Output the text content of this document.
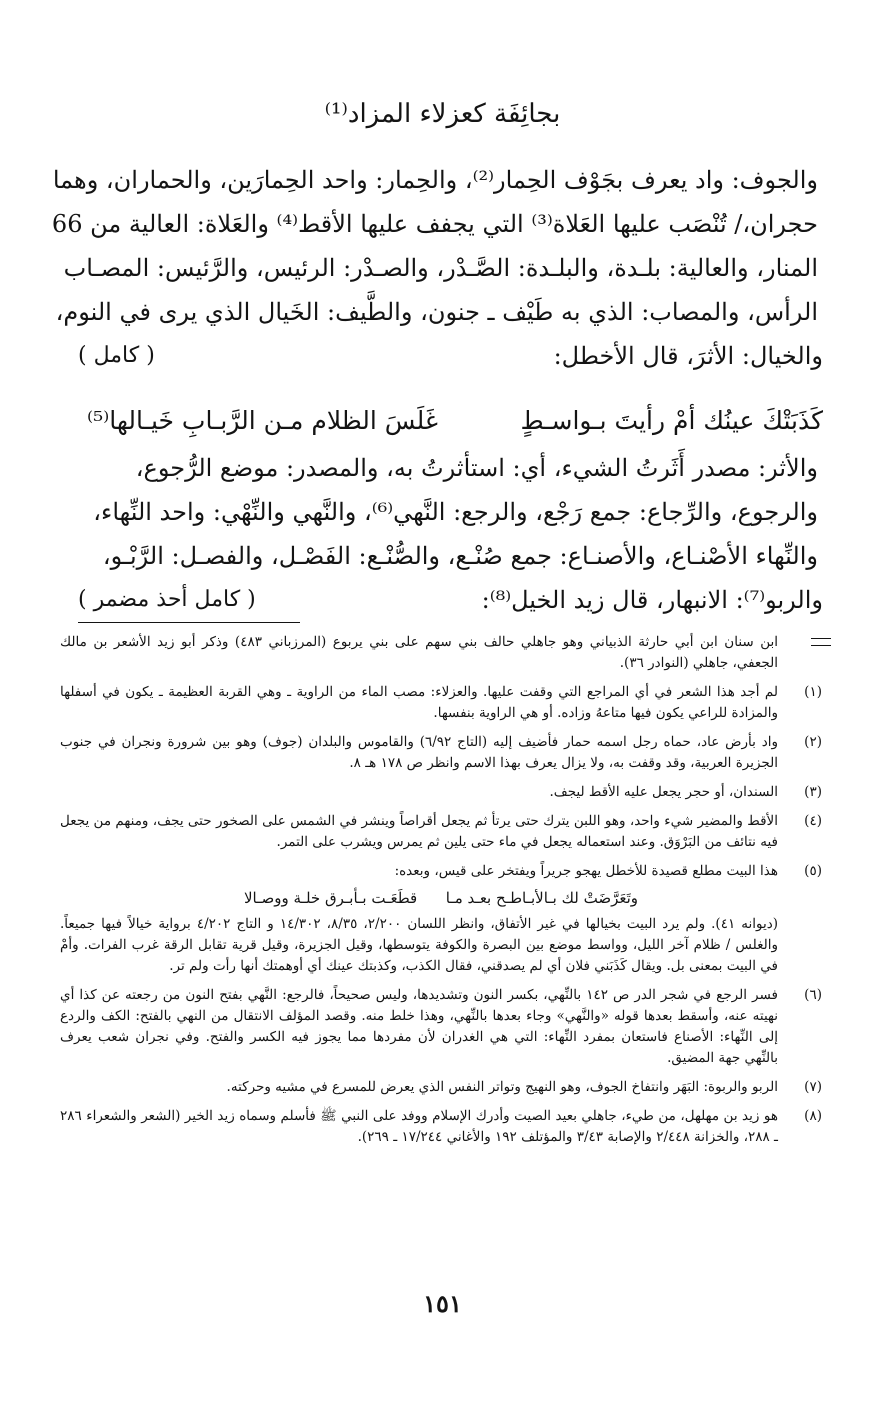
بجائِفَة كعزلاء المزاد⁽¹⁾
والجوف: واد يعرف بجَوْف الحِمار⁽²⁾، والحِمار: واحد الحِمارَين، والحماران، وهما
حجران،/ تُنْصَب عليها العَلاة⁽³⁾ التي يجفف عليها الأقط⁽⁴⁾ والعَلاة: العالية من 66
المنار، والعالية: بلـدة، والبلـدة: الصَّـدْر، والصـدْر: الرئيس، والرَّئيس: المصـاب
الرأس، والمصاب: الذي به طَيْف ـ جنون، والطَّيف: الخَيال الذي يرى في النوم،
والخيال: الأثرَ، قال الأخطل:
( كامل )
كَذَبَتْكَ عينُك أمْ رأيتَ بـواسـطٍ
غَلَسَ الظلام مـن الرَّبـابِ خَيـالها⁽⁵⁾
والأثر: مصدر أَثَرتُ الشيء، أي: استأثرتُ به، والمصدر: موضع الرُّجوع،
والرجوع، والرِّجاع: جمع رَجْع، والرجع: النَّهي⁽⁶⁾، والنَّهي والنِّهْي: واحد النِّهاء،
والنِّهاء الأصْنـاع، والأصنـاع: جمع صُنْـع، والصُّنْـع: الفَصْـل، والفصـل: الرَّبْـو،
والربو⁽⁷⁾: الانبهار، قال زيد الخيل⁽⁸⁾:
( كامل أحذ مضمر )
ابن سنان ابن أبي حارثة الذبياني وهو جاهلي حالف بني سهم على بني يربوع (المرزباني ٤٨٣) وذكر أبو زيد الأشعر بن مالك الجعفي، جاهلي (النوادر ٣٦).
(١)
لم أجد هذا الشعر في أي المراجع التي وقفت عليها. والعزلاء: مصب الماء من الراوية ـ وهي القربة العظيمة ـ يكون في أسفلها والمزادة للراعي يكون فيها متاعهُ وزاده. أو هي الراوية بنفسها.
(٢)
واد بأرض عاد، حماه رجل اسمه حمار فأضيف إليه (التاج ٦/٩٢) والقاموس والبلدان (جوف) وهو بين شرورة ونجران في جنوب الجزيرة العربية، وقد وقفت به، ولا يزال يعرف بهذا الاسم وانظر ص ١٧٨ هـ ٨.
(٣)
السندان، أو حجر يجعل عليه الأقط ليجف.
(٤)
الأقط والمضير شيء واحد، وهو اللبن يترك حتى يرتأ ثم يجعل أقراصاً وينشر في الشمس على الصخور حتى يجف، ومنهم من يجعل فيه نتائف من البَرْوَق. وعند استعماله يجعل في ماء حتى يلين ثم يمرس ويشرب على التمر.
(٥)
هذا البيت مطلع قصيدة للأخطل يهجو جريراً ويفتخر على قيس، وبعده:
وتَعَرَّضَتْ لك بـالأبـاطـح بعـد مـا      قطَعَـت بـأبـرق خلـة ووصـالا
(ديوانه ٤١). ولم يرد البيت بخيالها في غير الأتفاق، وانظر اللسان ٢/٢٠٠، ٨/٣٥، ١٤/٣٠٢ و التاج ٤/٢٠٢ برواية خيالاً فيها جميعاً. والغلس / ظلام آخر الليل، وواسط موضع بين البصرة والكوفة يتوسطها، وقيل الجزيرة، وقيل قرية تقابل الرقة غرب الفرات. وأمْ في البيت بمعنى بل. ويقال كَذَبَني فلان أي لم يصدقني، فقال الكذب، وكذبتك عينك أي أوهمتك أنها رأت ولم تر.
(٦)
فسر الرجع في شجر الدر ص ١٤٢ بالنِّهي، بكسر النون وتشديدها، وليس صحيحاً، فالرجع: النَّهي بفتح النون من رجعته عن كذا أي نهيته عنه، وأسقط بعدها قوله «والنَّهي» وجاء بعدها بالنِّهي، وهذا خلط منه. وقصد المؤلف الانتقال من النهي بالفتح: الكف والردع إلى النِّهاء: الأصناع فاستعان بمفرد النِّهاء: التي هي الغدران لأن مفردها مما يجوز فيه الكسر والفتح. وفي نجران شعب يعرف بالنِّهي جهة المضيق.
(٧)
الربو والربوة: البَهَر وانتفاخ الجوف، وهو النهيج وتواتر النفس الذي يعرض للمسرع في مشيه وحركته.
(٨)
هو زيد بن مهلهل، من طيء، جاهلي بعيد الصيت وأدرك الإسلام ووفد على النبي ﷺ فأسلم وسماه زيد الخير (الشعر والشعراء ٢٨٦ ـ ٢٨٨، والخزانة ٢/٤٤٨ والإصابة ٣/٤٣ والمؤتلف ١٩٢ والأغاني ١٧/٢٤٤ ـ ٢٦٩).
١٥١
